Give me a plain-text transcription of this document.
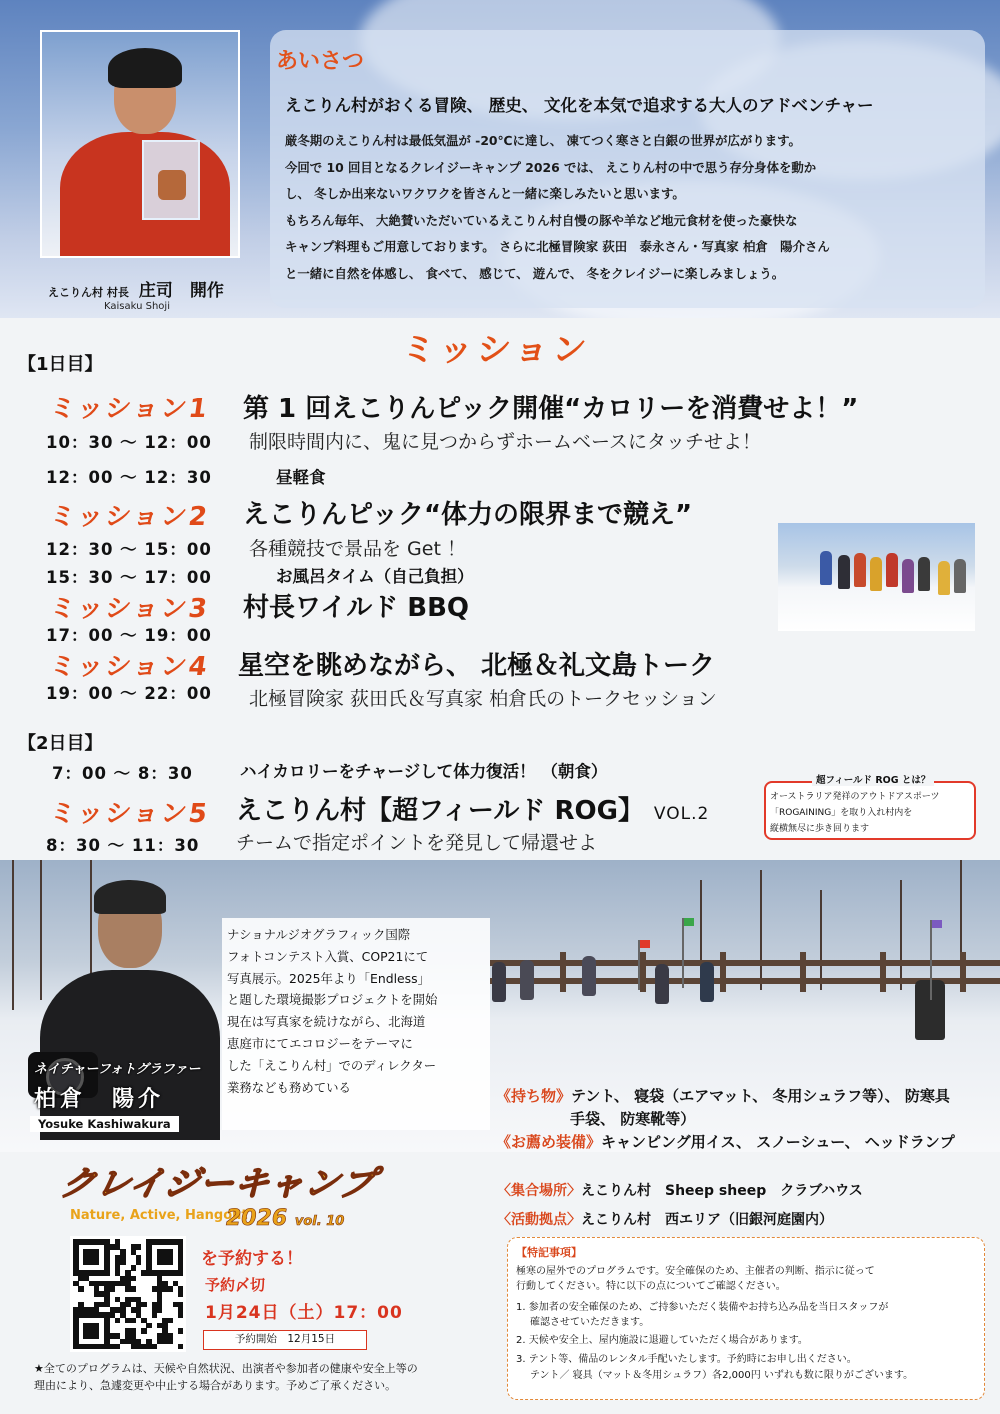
えこりん村 村長 庄司　開作
Kaisaku Shoji
あいさつ
えこりん村がおくる冒険、 歴史、 文化を本気で追求する大人のアドベンチャー
厳冬期のえこりん村は最低気温が -20℃に達し、 凍てつく寒さと白銀の世界が広がります。
今回で 10 回目となるクレイジーキャンプ 2026 では、 えこりん村の中で思う存分身体を動か
し、 冬しか出来ないワクワクを皆さんと一緒に楽しみたいと思います。
もちろん毎年、 大絶賛いただいているえこりん村自慢の豚や羊など地元食材を使った豪快な
キャンプ料理もご用意しております。 さらに北極冒険家 荻田　泰永さん・写真家 柏倉　陽介さん
と一緒に自然を体感し、 食べて、 感じて、 遊んで、 冬をクレイジーに楽しみましょう。
ミッション
【1日目】
ミッション1 第 1 回えこりんピック開催“カロリーを消費せよ！”
10：30 ～ 12：00 制限時間内に、鬼に見つからずホームベースにタッチせよ！
12：00 ～ 12：30	昼軽食
ミッション2 えこりんピック“体力の限界まで競え”
12：30 ～ 15：00 各種競技で景品を Get ！
15：30 ～ 17：00	お風呂タイム（自己負担）
ミッション3 村長ワイルド BBQ
17：00 ～ 19：00
ミッション4 星空を眺めながら、 北極＆礼文島トーク
19：00 ～ 22：00 北極冒険家 荻田氏＆写真家 柏倉氏のトークセッション
【2日目】
7：00 ～ 8：30	ハイカロリーをチャージして体力復活！ （朝食）
ミッション5 えこりん村【超フィールド ROG】 VOL.2
8：30 ～ 11：30 チームで指定ポイントを発見して帰還せよ
超フィールド ROG とは？
オーストラリア発祥のアウトドアスポーツ
「ROGAINING」を取り入れ村内を
縦横無尽に歩き回ります
ナショナルジオグラフィック国際
フォトコンテスト入賞、COP21にて
写真展示。2025年より「Endless」
と題した環境撮影プロジェクトを開始
現在は写真家を続けながら、北海道
恵庭市にてエコロジーをテーマに
した「えこりん村」でのディレクター
業務なども務めている
ネイチャーフォトグラファー
柏倉　陽介
Yosuke Kashiwakura
《持ち物》テント、 寝袋（エアマット、 冬用シュラフ等）、 防寒具
手袋、 防寒靴等）
《お薦め装備》キャンピング用イス、 スノーシュー、 ヘッドランプ
クレイジーキャンプ
Nature, Active, Hangout
2026 vol. 10
を予約する！
予約〆切
1月24日（土）17：00
予約開始　12月15日
★全てのプログラムは、天候や自然状況、出演者や参加者の健康や安全上等の
理由により、急遽変更や中止する場合があります。予めご了承ください。
〈集合場所〉えこりん村　Sheep sheep　クラブハウス
〈活動拠点〉えこりん村　西エリア（旧銀河庭園内）
【特記事項】
極寒の屋外でのプログラムです。安全確保のため、主催者の判断、指示に従って
行動してください。特に以下の点についてご確認ください。
1. 参加者の安全確保のため、ご持参いただく装備やお持ち込み品を当日スタッフが
確認させていただきます。
2. 天候や安全上、屋内施設に退避していただく場合があります。
3. テント等、備品のレンタル手配いたします。予約時にお申し出ください。
テント／ 寝具（マット＆冬用シュラフ）各2,000円 いずれも数に限りがございます。
